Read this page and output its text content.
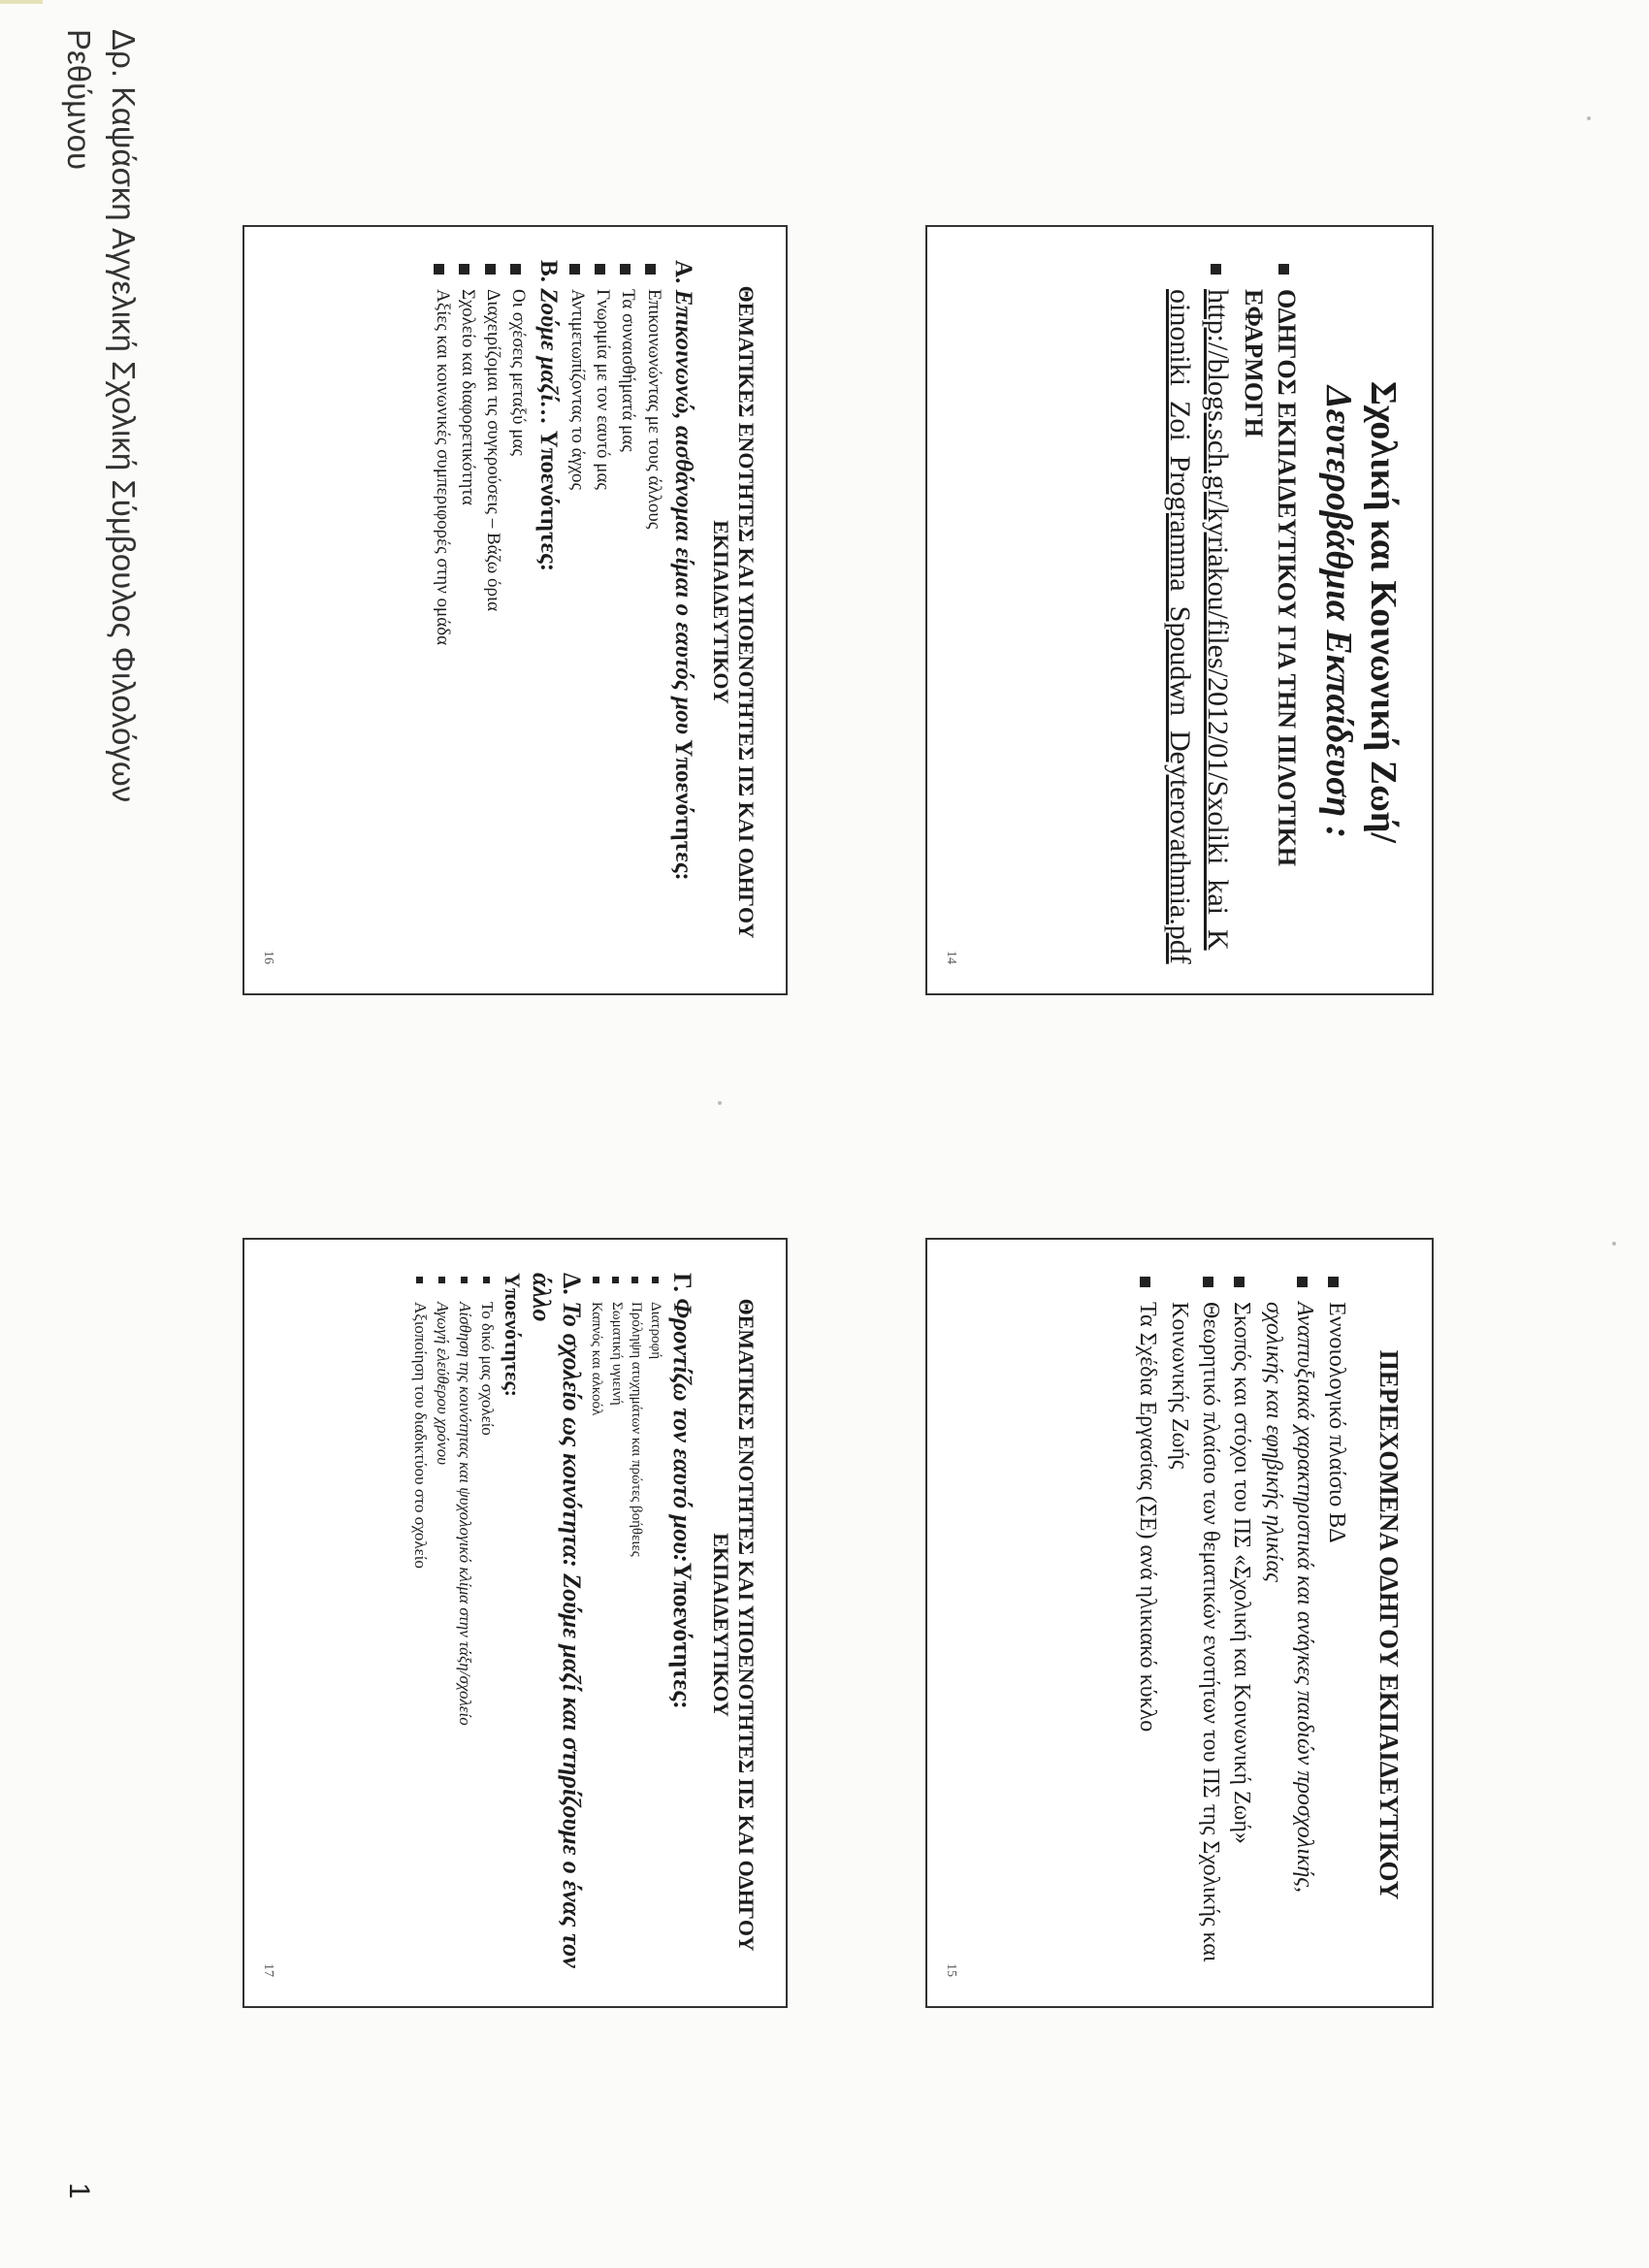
Δρ. Καψάσκη Αγγελική Σχολική Σύμβουλος Φιλολόγων
Ρεθύμνου
1
Σχολική και Κοινωνική Ζωή/
Δευτεροβάθμια Εκπαίδευση :
ΟΔΗΓΟΣ ΕΚΠΑΙΔΕΥΤΙΚΟΥ ΓΙΑ ΤΗΝ ΠΙΛΟΤΙΚΗ ΕΦΑΡΜΟΓΗ
http://blogs.sch.gr/kyriakou/files/2012/01/Sxoliki_kai_Koinoniki_Zoi_Programma_Spoudwn_Deyterovathmia.pdf
14
ΠΕΡΙΕΧΟΜΕΝΑ ΟΔΗΓΟΥ ΕΚΠΑΙΔΕΥΤΙΚΟΥ
Εννοιολογικό πλαίσιο ΒΔ
Αναπτυξιακά χαρακτηριστικά και ανάγκες παιδιών προσχολικής, σχολικής και εφηβικής ηλικίας
Σκοπός και στόχοι του ΠΣ «Σχολική και Κοινωνική Ζωή»
Θεωρητικό πλαίσιο των θεματικών ενοτήτων του ΠΣ της Σχολικής και Κοινωνικής Ζωής
Τα Σχέδια Εργασίας (ΣΕ) ανά ηλικιακό κύκλο
15
ΘΕΜΑΤΙΚΕΣ ΕΝΟΤΗΤΕΣ ΚΑΙ ΥΠΟΕΝΟΤΗΤΕΣ ΠΣ ΚΑΙ ΟΔΗΓΟΥ ΕΚΠΑΙΔΕΥΤΙΚΟΥ
Α. Επικοινωνώ, αισθάνομαι είμαι ο εαυτός μου Υποενότητες:
Επικοινωνώντας με τους άλλους
Τα συναισθήματά μας
Γνωριμία με τον εαυτό μας
Αντιμετωπίζοντας το άγχος
Β. Ζούμε μαζί… Υποενότητες:
Οι σχέσεις μεταξύ μας
Διαχειρίζομαι τις συγκρούσεις – Βάζω όρια
Σχολείο και διαφορετικότητα
Αξίες και κοινωνικές συμπεριφορές στην ομάδα
16
ΘΕΜΑΤΙΚΕΣ ΕΝΟΤΗΤΕΣ ΚΑΙ ΥΠΟΕΝΟΤΗΤΕΣ ΠΣ ΚΑΙ ΟΔΗΓΟΥ ΕΚΠΑΙΔΕΥΤΙΚΟΥ
Γ. Φροντίζω τον εαυτό μου:Υποενότητες:
Διατροφή
Πρόληψη ατυχημάτων και πρώτες βοήθειες
Σωματική υγιεινή
Καπνός και αλκοόλ
Δ. Το σχολείο ως κοινότητα: Ζούμε μαζί και στηρίζουμε ο ένας τον άλλο
Υποενότητες:
Το δικό μας σχολείο
Αίσθηση της κοινότητας και ψυχολογικό κλίμα στην τάξη/σχολείο
Αγωγή ελεύθερου χρόνου
Αξιοποίηση του διαδικτύου στο σχολείο
17
